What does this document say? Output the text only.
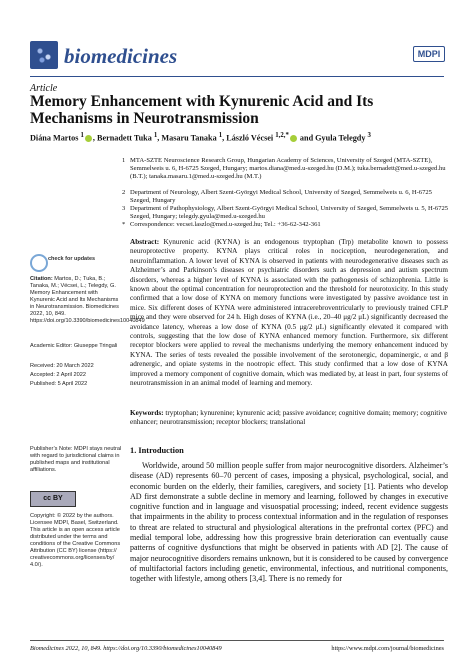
biomedicines	MDPI
Article
Memory Enhancement with Kynurenic Acid and Its Mechanisms in Neurotransmission
Diána Martos $^1$ , Bernadett Tuka $^1$, Masaru Tanaka $^1$, László Vécsei $^{1,2,*}$ and Gyula Telegdy $^3$
1 MTA-SZTE Neuroscience Research Group, Hungarian Academy of Sciences, University of Szeged (MTA-SZTE), Semmelweis u. 6, H-6725 Szeged, Hungary; martos.diana@med.u-szeged.hu (D.M.); tuka.bernadett@med.u-szeged.hu (B.T.); tanaka.masaru.1@med.u-szeged.hu (M.T.)
2 Department of Neurology, Albert Szent-Györgyi Medical School, University of Szeged, Semmelweis u. 6, H-6725 Szeged, Hungary
3 Department of Pathophysiology, Albert Szent-Györgyi Medical School, University of Szeged, Semmelweis u. 5, H-6725 Szeged, Hungary; telegdy.gyula@med.u-szeged.hu
* Correspondence: vecsei.laszlo@med.u-szeged.hu; Tel.: +36-62-342-361
Abstract: Kynurenic acid (KYNA) is an endogenous tryptophan (Trp) metabolite known to possess neuroprotective property. KYNA plays critical roles in nociception, neurodegeneration, and neuroinflammation. A lower level of KYNA is observed in patients with neurodegenerative diseases such as Alzheimer’s and Parkinson’s diseases or psychiatric disorders such as depression and autism spectrum disorders, whereas a higher level of KYNA is associated with the pathogenesis of schizophrenia. Little is known about the optimal concentration for neuroprotection and the threshold for neurotoxicity. In this study confirmed that a low dose of KYNA on memory functions were investigated by passive avoidance test in mice. Six different doses of KYNA were administered intracerebroventricularly to previously trained CFLP mice and they were observed for 24 h. High doses of KYNA (i.e., 20–40 μg/2 μL) significantly decreased the avoidance latency, whereas a low dose of KYNA (0.5 μg/2 μL) significantly elevated it compared with controls, suggesting that the low dose of KYNA enhanced memory function. Furthermore, six different receptor blockers were applied to reveal the mechanisms underlying the memory enhancement induced by KYNA. The series of tests revealed the possible involvement of the serotonergic, dopaminergic, α and β adrenergic, and opiate systems in the nootropic effect. This study confirmed that a low dose of KYNA improved a memory component of cognitive domain, which was mediated by, at least in part, four systems of neurotransmission in an animal model of learning and memory.
Keywords: tryptophan; kynurenine; kynurenic acid; passive avoidance; cognitive domain; memory; cognitive enhancer; neurotransmission; receptor blockers; translational
check for updates
Citation: Martos, D.; Tuka, B.; Tanaka, M.; Vécsei, L.; Telegdy, G. Memory Enhancement with Kynurenic Acid and Its Mechanisms in Neurotransmission. Biomedicines 2022, 10, 849. https://doi.org/10.3390/biomedicines10040849
Academic Editor: Giuseppe Tringali
Received: 20 March 2022
Accepted: 2 April 2022
Published: 5 April 2022
Publisher’s Note: MDPI stays neutral with regard to jurisdictional claims in published maps and institutional affiliations.
cc BY
Copyright: © 2022 by the authors. Licensee MDPI, Basel, Switzerland. This article is an open access article distributed under the terms and conditions of the Creative Commons Attribution (CC BY) license (https:// creativecommons.org/licenses/by/ 4.0/).
1. Introduction

Worldwide, around 50 million people suffer from major neurocognitive disorders. Alzheimer’s disease (AD) represents 60–70 percent of cases, imposing a physical, psychological, social, and economic burden on the elderly, their families, caregivers, and society [1]. Patients who develop AD first demonstrate a subtle decline in memory and learning, followed by changes in executive cognitive function and in language and visuospatial processing; indeed, recent evidence suggests that impairments in the ability to process contextual information and in the regulation of responses to threat are related to structural and physiological alterations in the prefrontal cortex (PFC) and medial temporal lobe, addressing how this progressive brain deterioration can eventually cause patterns of cognitive dysfunctions that might be observed in patients with AD [2]. The cause of major neurocognitive disorders remains unknown, but it is considered to be caused by convergence of multifactorial factors including genetic, environmental, infectious, and nutritional components, together with lifestyle, among others [3,4]. There is no remedy for

Biomedicines 2022, 10, 849. https://doi.org/10.3390/biomedicines10040849	https://www.mdpi.com/journal/biomedicines
